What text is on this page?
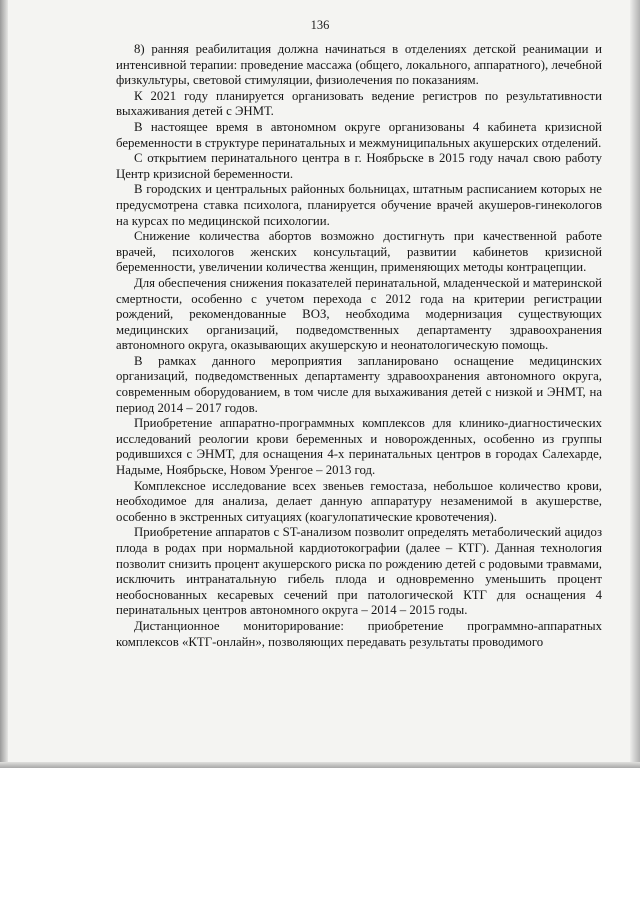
136

8) ранняя реабилитация должна начинаться в отделениях детской реанимации и интенсивной терапии: проведение массажа (общего, локального, аппаратного), лечебной физкультуры, световой стимуляции, физиолечения по показаниям.

К 2021 году планируется организовать ведение регистров по результативности выхаживания детей с ЭНМТ.

В настоящее время в автономном округе организованы 4 кабинета кризисной беременности в структуре перинатальных и межмуниципальных акушерских отделений.

С открытием перинатального центра в г. Ноябрьске в 2015 году начал свою работу Центр кризисной беременности.

В городских и центральных районных больницах, штатным расписанием которых не предусмотрена ставка психолога, планируется обучение врачей акушеров-гинекологов на курсах по медицинской психологии.

Снижение количества абортов возможно достигнуть при качественной работе врачей, психологов женских консультаций, развитии кабинетов кризисной беременности, увеличении количества женщин, применяющих методы контрацепции.

Для обеспечения снижения показателей перинатальной, младенческой и материнской смертности, особенно с учетом перехода с 2012 года на критерии регистрации рождений, рекомендованные ВОЗ, необходима модернизация существующих медицинских организаций, подведомственных департаменту здравоохранения автономного округа, оказывающих акушерскую и неонатологическую помощь.

В рамках данного мероприятия запланировано оснащение медицинских организаций, подведомственных департаменту здравоохранения автономного округа, современным оборудованием, в том числе для выхаживания детей с низкой и ЭНМТ, на период 2014 – 2017 годов.

Приобретение аппаратно-программных комплексов для клинико-диагностических исследований реологии крови беременных и новорожденных, особенно из группы родившихся с ЭНМТ, для оснащения 4-х перинатальных центров в городах Салехарде, Надыме, Ноябрьске, Новом Уренгое – 2013 год.

Комплексное исследование всех звеньев гемостаза, небольшое количество крови, необходимое для анализа, делает данную аппаратуру незаменимой в акушерстве, особенно в экстренных ситуациях (коагулопатические кровотечения).

Приобретение аппаратов с ST-анализом позволит определять метаболический ацидоз плода в родах при нормальной кардиотокографии (далее – КТГ). Данная технология позволит снизить процент акушерского риска по рождению детей с родовыми травмами, исключить интранатальную гибель плода и одновременно уменьшить процент необоснованных кесаревых сечений при патологической КТГ для оснащения 4 перинатальных центров автономного округа – 2014 – 2015 годы.

Дистанционное мониторирование: приобретение программно-аппаратных комплексов «КТГ-онлайн», позволяющих передавать результаты проводимого
